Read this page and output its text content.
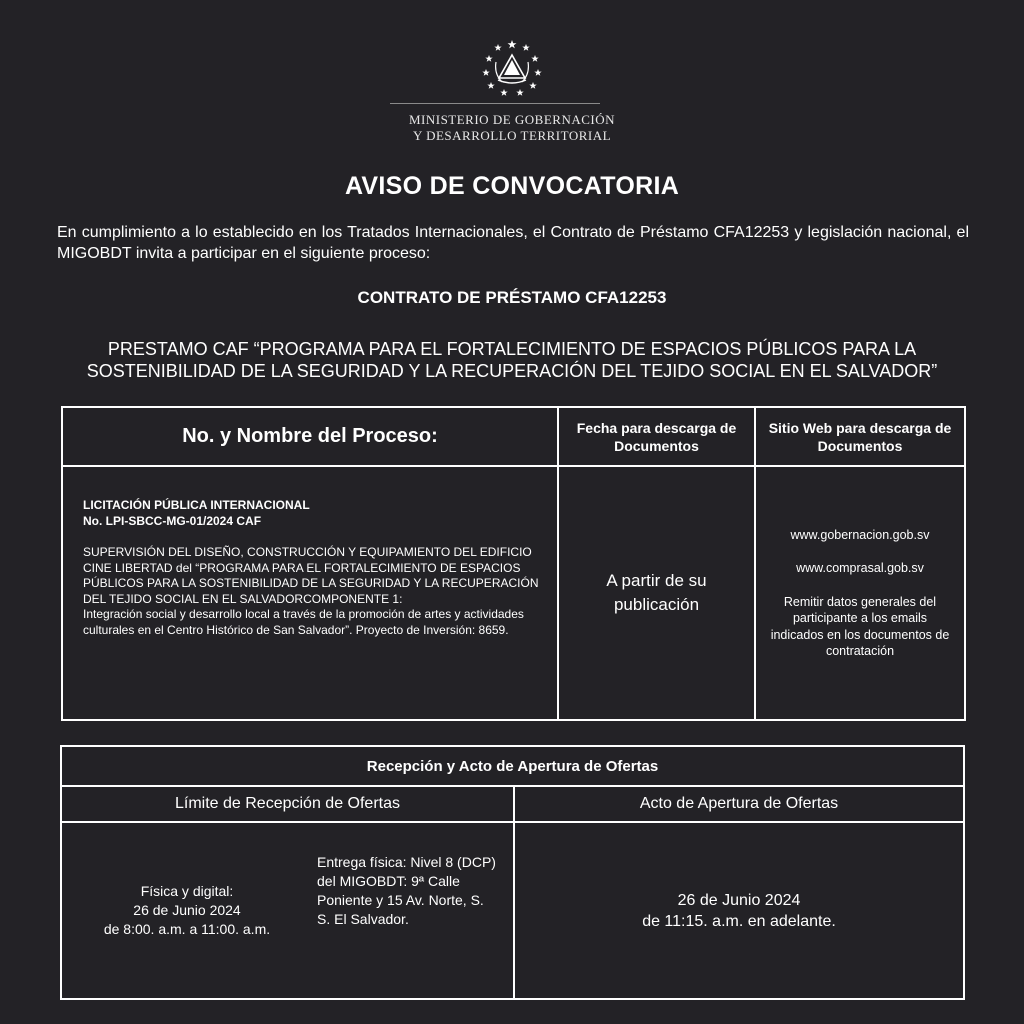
MINISTERIO DE GOBERNACIÓN
Y DESARROLLO TERRITORIAL
AVISO DE CONVOCATORIA
En cumplimiento a lo establecido en los Tratados Internacionales, el Contrato de Préstamo CFA12253 y legislación nacional, el MIGOBDT invita a participar en el siguiente proceso:
CONTRATO DE PRÉSTAMO CFA12253
PRESTAMO CAF “PROGRAMA PARA EL FORTALECIMIENTO DE ESPACIOS PÚBLICOS PARA LA SOSTENIBILIDAD DE LA SEGURIDAD Y LA RECUPERACIÓN DEL TEJIDO SOCIAL EN EL SALVADOR”
No. y Nombre del Proceso:	Fecha para descarga de Documentos
Sitio Web para descarga de Documentos
LICITACIÓN PÚBLICA INTERNACIONAL
No. LPI-SBCC-MG-01/2024 CAF
SUPERVISIÓN DEL DISEÑO, CONSTRUCCIÓN Y EQUIPAMIENTO DEL EDIFICIO CINE LIBERTAD del “PROGRAMA PARA EL FORTALECIMIENTO DE ESPACIOS PÚBLICOS PARA LA SOSTENIBILIDAD DE LA SEGURIDAD Y LA RECUPERACIÓN DEL TEJIDO SOCIAL EN EL SALVADORCOMPONENTE 1:
Integración social y desarrollo local a través de la promoción de artes y actividades culturales en el Centro Histórico de San Salvador”. Proyecto de Inversión: 8659.
A partir de su publicación

www.gobernacion.gob.sv

www.comprasal.gob.sv

Remitir datos generales del participante a los emails indicados en los documentos de contratación

Recepción y Acto de Apertura de Ofertas
Límite de Recepción de Ofertas	Acto de Apertura de Ofertas
Física y digital:
26 de Junio 2024
de 8:00. a.m. a 11:00. a.m.
Entrega física: Nivel 8 (DCP) del MIGOBDT: 9ª Calle Poniente y 15 Av. Norte, S. S. El Salvador.
26 de Junio 2024
de 11:15. a.m. en adelante.
